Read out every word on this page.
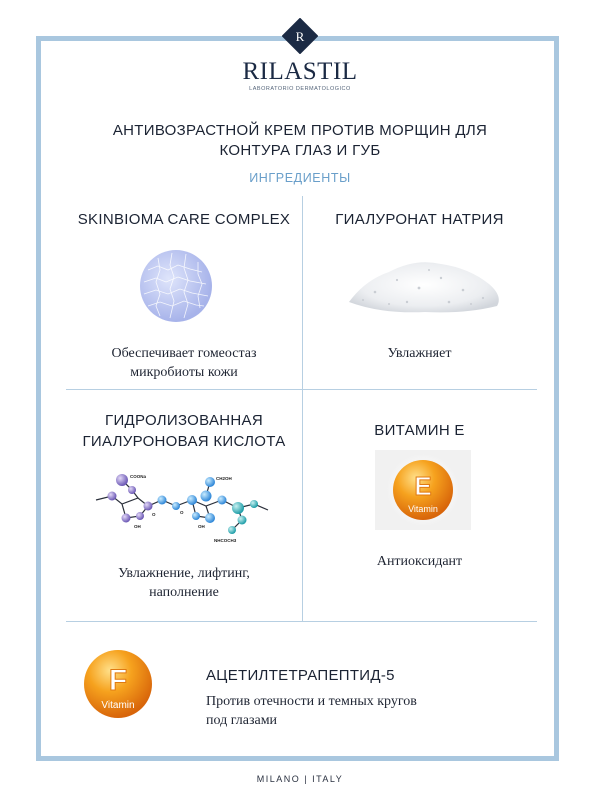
R
RILASTIL
LABORATORIO DERMATOLOGICO
АНТИВОЗРАСТНОЙ КРЕМ ПРОТИВ МОРЩИН ДЛЯ
КОНТУРА ГЛАЗ И ГУБ
ИНГРЕДИЕНТЫ
SKINBIOMA CARE COMPLEX
Обеспечивает гомеостаз
микробиоты кожи
ГИАЛУРОНАТ НАТРИЯ
Увлажняет
ГИДРОЛИЗОВАННАЯ
ГИАЛУРОНОВАЯ КИСЛОТА
COONa	CH2OH
OH
O
OH
O
NHCOCH3
Увлажнение, лифтинг,
наполнение
ВИТАМИН E
E
Vitamin
Антиоксидант
F
Vitamin
АЦЕТИЛТЕТРАПЕПТИД-5
Против отечности и темных кругов
под глазами
MILANO | ITALY
